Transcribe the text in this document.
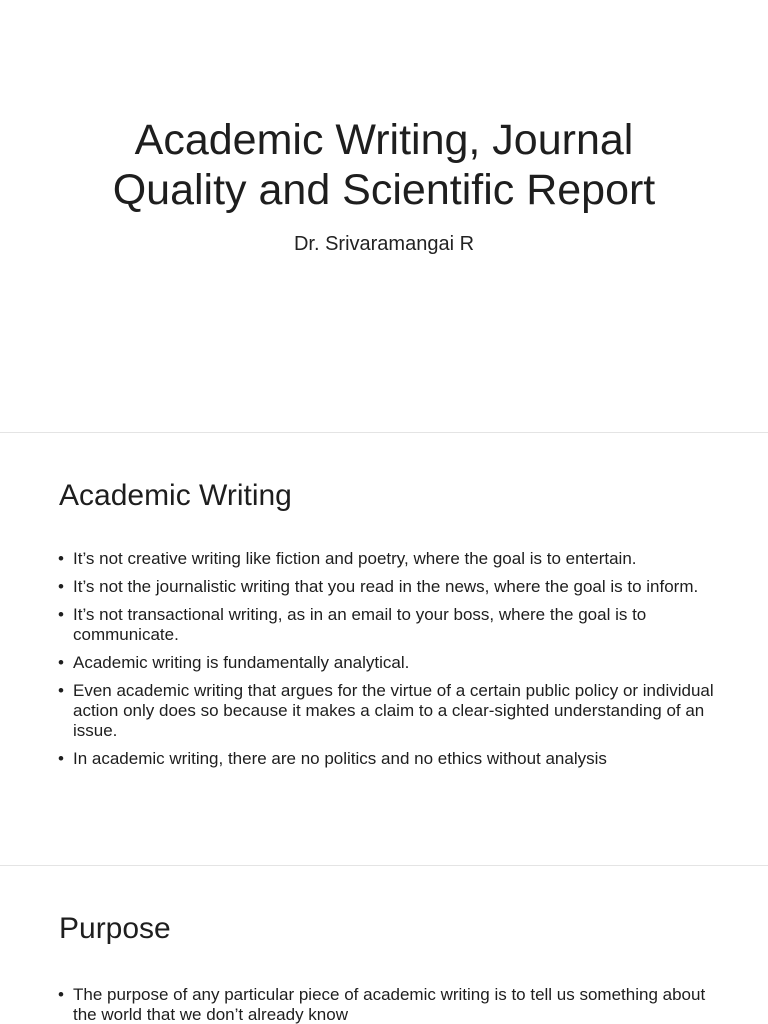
Academic Writing, Journal
Quality and Scientific Report

Dr. Srivaramangai R

Academic Writing
• It’s not creative writing like fiction and poetry, where the goal is to entertain.
• It’s not the journalistic writing that you read in the news, where the goal is to inform.
• It’s not transactional writing, as in an email to your boss, where the goal is to communicate.
• Academic writing is fundamentally analytical.
• Even academic writing that argues for the virtue of a certain public policy or individual action only does so because it makes a claim to a clear-sighted understanding of an issue.
• In academic writing, there are no politics and no ethics without analysis
Purpose
• The purpose of any particular piece of academic writing is to tell us something about the world that we don’t already know
